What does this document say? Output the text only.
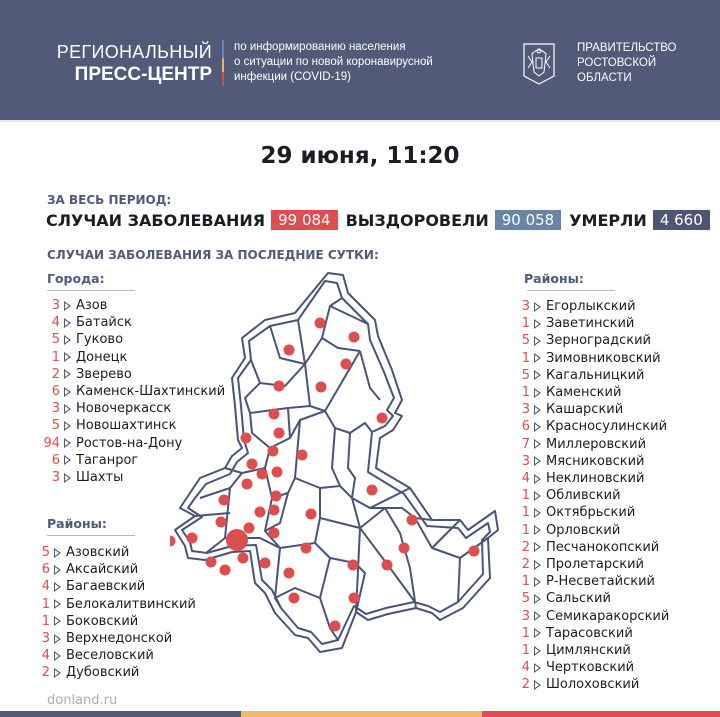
РЕГИОНАЛЬНЫЙ
ПРЕСС-ЦЕНТР
по информированию населения
о ситуации по новой коронавирусной
инфекции (COVID-19)
ПРАВИТЕЛЬСТВО
РОСТОВСКОЙ
ОБЛАСТИ
29 июня, 11:20
ЗА ВЕСЬ ПЕРИОД:
СЛУЧАИ ЗАБОЛЕВАНИЯ 99 084 ВЫЗДОРОВЕЛИ 90 058 УМЕРЛИ 4 660
СЛУЧАИ ЗАБОЛЕВАНИЯ ЗА ПОСЛЕДНИЕ СУТКИ:
Города:
3 Азов
4 Батайск
5 Гуково
1 Донецк
2 Зверево
6 Каменск-Шахтинский
3 Новочеркасск
5 Новошахтинск
94 Ростов-на-Дону
6 Таганрог
3 Шахты
Районы:
5 Азовский
6 Аксайский
4 Багаевский
1 Белокалитвинский
1 Боковский
3 Верхнедонской
4 Веселовский
2 Дубовский
Районы:
3 Егорлыкский
1 Заветинский
5 Зерноградский
1 Зимовниковский
5 Кагальницкий
1 Каменский
3 Кашарский
6 Красносулинский
7 Миллеровский
3 Мясниковский
4 Неклиновский
1 Обливский
1 Октябрьский
1 Орловский
2 Песчанокопский
2 Пролетарский
1 Р-Несветайский
5 Сальский
3 Семикаракорский
1 Тарасовский
1 Цимлянский
4 Чертковский
2 Шолоховский
donland.ru
